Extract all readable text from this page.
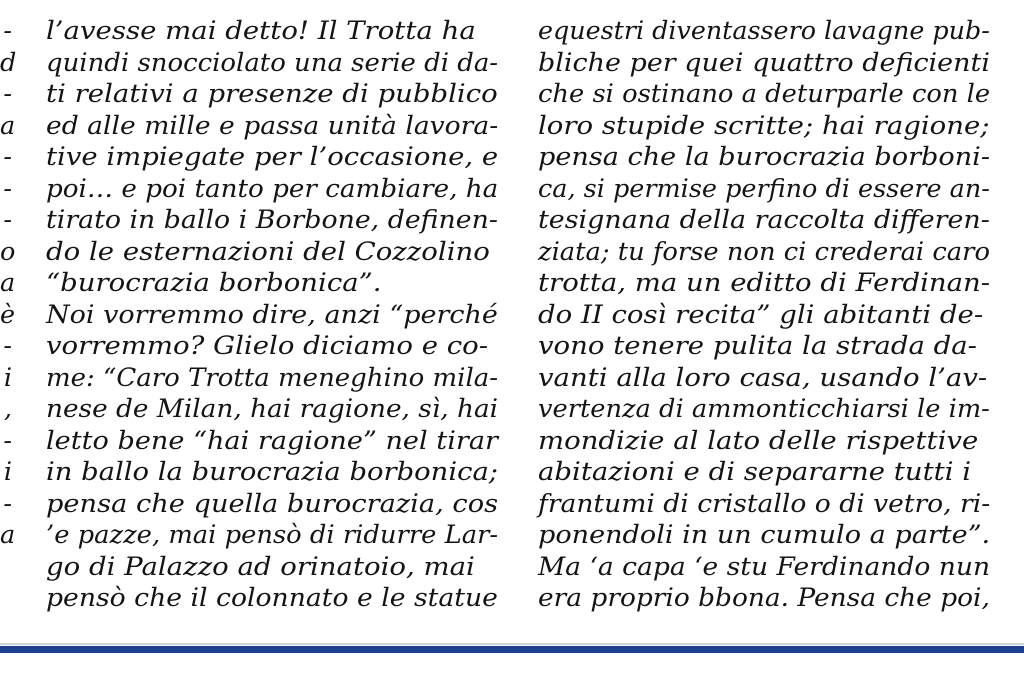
-
d
-
a
-
-
-
o
a
è
-
i
,
-
i
-
a
l’avesse mai detto! Il Trotta ha
quindi snocciolato una serie di da-
ti relativi a presenze di pubblico
ed alle mille e passa unità lavora-
tive impiegate per l’occasione, e
poi… e poi tanto per cambiare, ha
tirato in ballo i Borbone, definen-
do le esternazioni del Cozzolino
“burocrazia borbonica”.
Noi vorremmo dire, anzi “perché
vorremmo? Glielo diciamo e co-
me: “Caro Trotta meneghino mila-
nese de Milan, hai ragione, sì, hai
letto bene “hai ragione” nel tirar
in ballo la burocrazia borbonica;
pensa che quella burocrazia, cos
’e pazze, mai pensò di ridurre Lar-
go di Palazzo ad orinatoio, mai
pensò che il colonnato e le statue
equestri diventassero lavagne pub-
bliche per quei quattro deficienti
che si ostinano a deturparle con le
loro stupide scritte; hai ragione;
pensa che la burocrazia borboni-
ca, si permise perfino di essere an-
tesignana della raccolta differen-
ziata; tu forse non ci crederai caro
trotta, ma un editto di Ferdinan-
do II così recita” gli abitanti de-
vono tenere pulita la strada da-
vanti alla loro casa, usando l’av-
vertenza di ammonticchiarsi le im-
mondizie al lato delle rispettive
abitazioni e di separarne tutti i
frantumi di cristallo o di vetro, ri-
ponendoli in un cumulo a parte”.
Ma ‘a capa ‘e stu Ferdinando nun
era proprio bbona. Pensa che poi,
